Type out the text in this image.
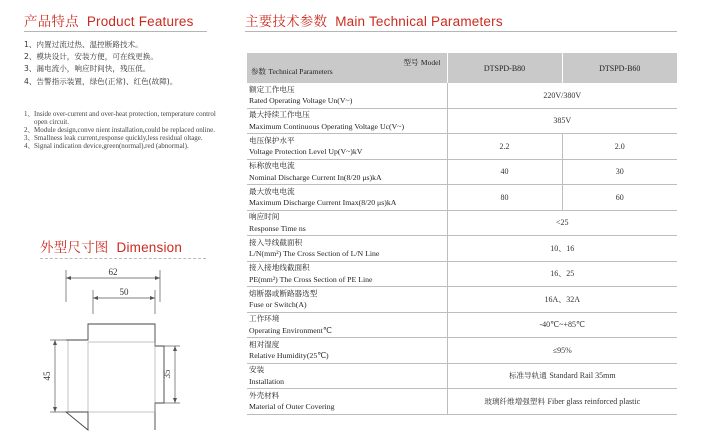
产品特点 Product Features
1、内置过流过热、温控断路技术。
2、模块设计，安装方便，可在线更换。
3、漏电流小，响应时间快，残压低。
4、告警指示装置，绿色(正常)、红色(故障)。
1、 Inside over-current and over-heat protection, temperature control open circuit.
2、 Module design,conve nient installation,could be replaced online.
3、 Smallness leak current,response quickly,less residual oltage.
4、 Signal indication device,green(normal),red (abnormal).
外型尺寸图 Dimension
62
50
45	35
主要技术参数 Main Technical Parameters
型号 Model
参数 Technical Parameters	DTSPD-B80	DTSPD-B60

额定工作电压
Rated Operating Voltage Un(V~)	220V/380V	

最大持续工作电压
Maximum Continuous Operating Voltage Uc(V~)	385V	

电压保护水平
Voltage Protection Level Up(V~)kV	2.2	2.0

标称放电电流
Nominal Discharge Current In(8/20 μs)kA	40	30

最大放电电流
Maximum Discharge Current Imax(8/20 μs)kA	80	60

响应时间
Response Time ns	<25	

接入导线截面积
L/N(mm²) The Cross Section of L/N Line	10、16	

接入接地线截面积
PE(mm²) The Cross Section of PE Line	16、25	

熔断器或断路器选型
Fuse or Switch(A)	16A、32A	

工作环境
Operating Environment℃	-40℃~+85℃	

相对湿度
Relative Humidity(25℃)	≤95%	

安装
Installation	标准导轨通 Standard Rail 35mm	

外壳材料
Material of Outer Covering	玻璃纤维增强塑料 Fiber glass reinforced plastic	
